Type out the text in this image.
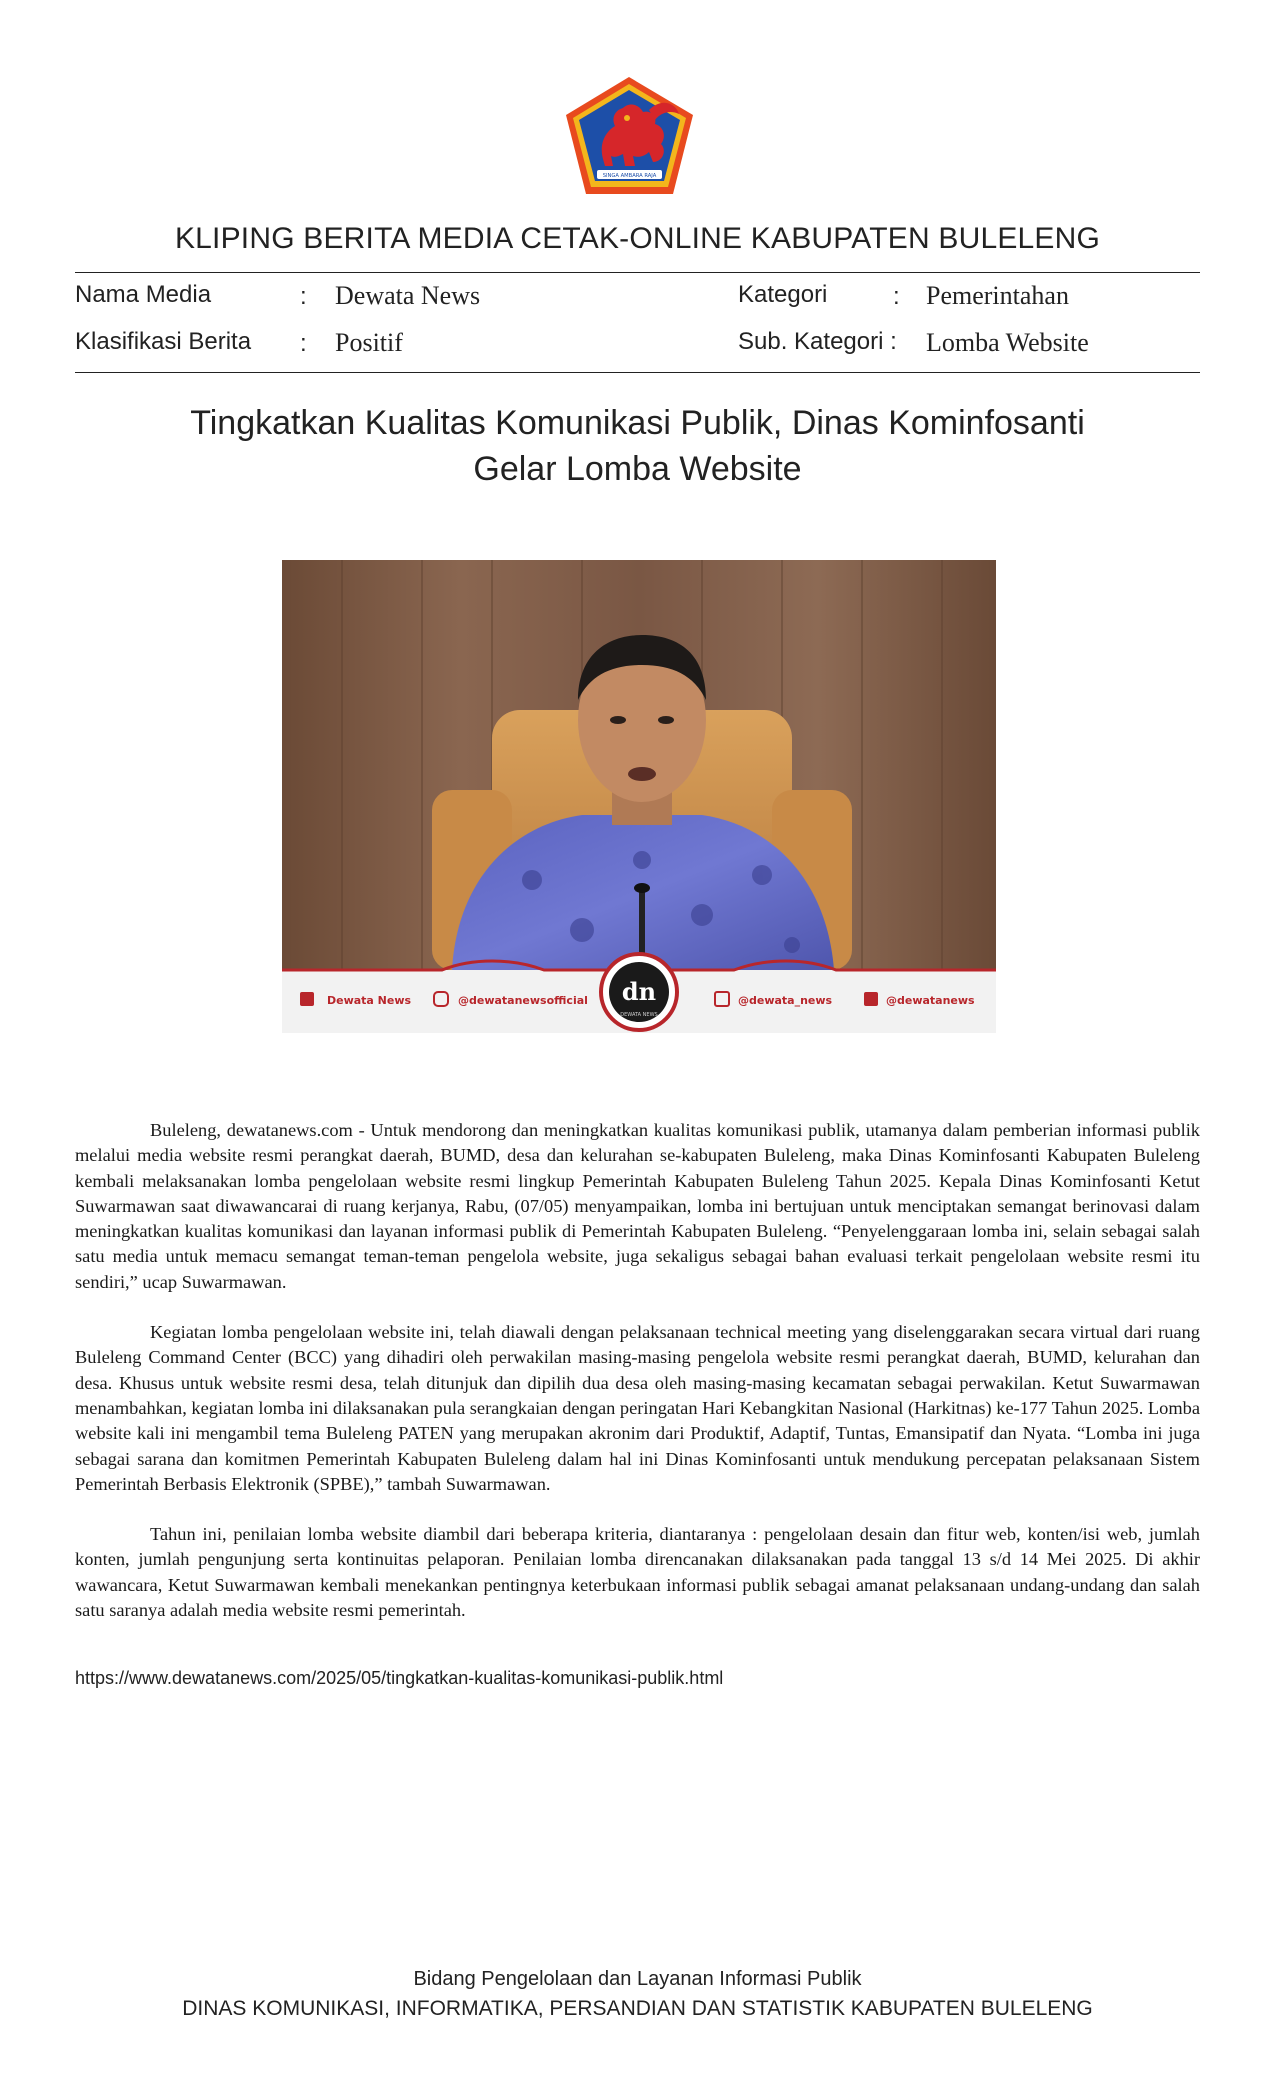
SINGA AMBARA RAJA
KLIPING BERITA MEDIA CETAK-ONLINE KABUPATEN BULELENG
Nama Media	: Dewata News
Klasifikasi Berita : Positif
Kategori	: Pemerintahan
Sub. Kategori : Lomba Website
Tingkatkan Kualitas Komunikasi Publik, Dinas Kominfosanti
Gelar Lomba Website
Dewata News	@dewatanewsofficial dn
DEWATA NEWS
@dewata_news	@dewatanews

Buleleng, dewatanews.com - Untuk mendorong dan meningkatkan kualitas komunikasi publik, utamanya dalam pemberian informasi publik melalui media website resmi perangkat daerah, BUMD, desa dan kelurahan se-kabupaten Buleleng, maka Dinas Kominfosanti Kabupaten Buleleng kembali melaksanakan lomba pengelolaan website resmi lingkup Pemerintah Kabupaten Buleleng Tahun 2025. Kepala Dinas Kominfosanti Ketut Suwarmawan saat diwawancarai di ruang kerjanya, Rabu, (07/05) menyampaikan, lomba ini bertujuan untuk menciptakan semangat berinovasi dalam meningkatkan kualitas komunikasi dan layanan informasi publik di Pemerintah Kabupaten Buleleng. “Penyelenggaraan lomba ini, selain sebagai salah satu media untuk memacu semangat teman-teman pengelola website, juga sekaligus sebagai bahan evaluasi terkait pengelolaan website resmi itu sendiri,” ucap Suwarmawan.

Kegiatan lomba pengelolaan website ini, telah diawali dengan pelaksanaan technical meeting yang diselenggarakan secara virtual dari ruang Buleleng Command Center (BCC) yang dihadiri oleh perwakilan masing-masing pengelola website resmi perangkat daerah, BUMD, kelurahan dan desa. Khusus untuk website resmi desa, telah ditunjuk dan dipilih dua desa oleh masing-masing kecamatan sebagai perwakilan. Ketut Suwarmawan menambahkan, kegiatan lomba ini dilaksanakan pula serangkaian dengan peringatan Hari Kebangkitan Nasional (Harkitnas) ke-177 Tahun 2025. Lomba website kali ini mengambil tema Buleleng PATEN yang merupakan akronim dari Produktif, Adaptif, Tuntas, Emansipatif dan Nyata. “Lomba ini juga sebagai sarana dan komitmen Pemerintah Kabupaten Buleleng dalam hal ini Dinas Kominfosanti untuk mendukung percepatan pelaksanaan Sistem Pemerintah Berbasis Elektronik (SPBE),” tambah Suwarmawan.

Tahun ini, penilaian lomba website diambil dari beberapa kriteria, diantaranya : pengelolaan desain dan fitur web, konten/isi web, jumlah konten, jumlah pengunjung serta kontinuitas pelaporan. Penilaian lomba direncanakan dilaksanakan pada tanggal 13 s/d 14 Mei 2025. Di akhir wawancara, Ketut Suwarmawan kembali menekankan pentingnya keterbukaan informasi publik sebagai amanat pelaksanaan undang-undang dan salah satu saranya adalah media website resmi pemerintah.

https://www.dewatanews.com/2025/05/tingkatkan-kualitas-komunikasi-publik.html
Bidang Pengelolaan dan Layanan Informasi Publik
DINAS KOMUNIKASI, INFORMATIKA, PERSANDIAN DAN STATISTIK KABUPATEN BULELENG
